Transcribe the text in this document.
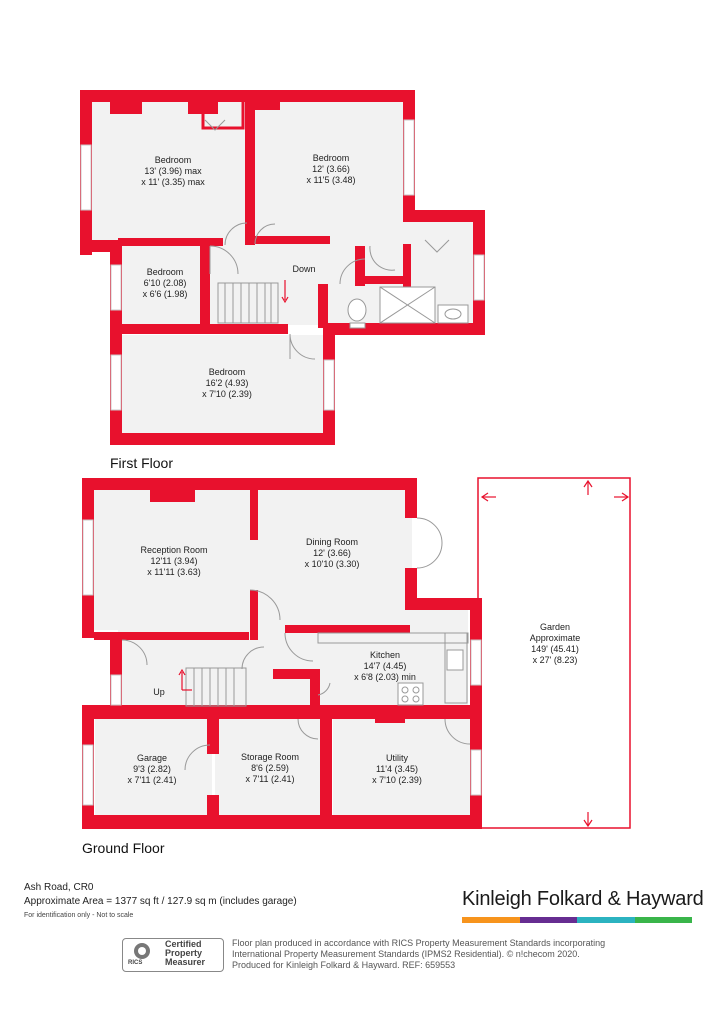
Bedroom
13' (3.96) max
x 11' (3.35) max
Bedroom
12' (3.66)
x 11'5 (3.48)
Bedroom
6'10 (2.08)
x 6'6 (1.98)
Down
Bedroom
16'2 (4.93)
x 7'10 (2.39)
Reception Room
12'11 (3.94)
x 11'11 (3.63)
Dining Room
12' (3.66)
x 10'10 (3.30)
Garden
Approximate
149' (45.41)
x 27' (8.23)
Kitchen
14'7 (4.45)
x 6'8 (2.03) min
Up
Garage
9'3 (2.82)
x 7'11 (2.41)
Storage Room
8'6 (2.59)
x 7'11 (2.41)
Utility
11'4 (3.45)
x 7'10 (2.39)
First Floor
Ground Floor
Ash Road, CR0
Approximate Area = 1377 sq ft / 127.9 sq m (includes garage)
For identification only - Not to scale
Kinleigh Folkard & Hayward
RICS
Certified
Property
Measurer
Floor plan produced in accordance with RICS Property Measurement Standards incorporating
International Property Measurement Standards (IPMS2 Residential). © n!checom 2020.
Produced for Kinleigh Folkard & Hayward. REF: 659553
